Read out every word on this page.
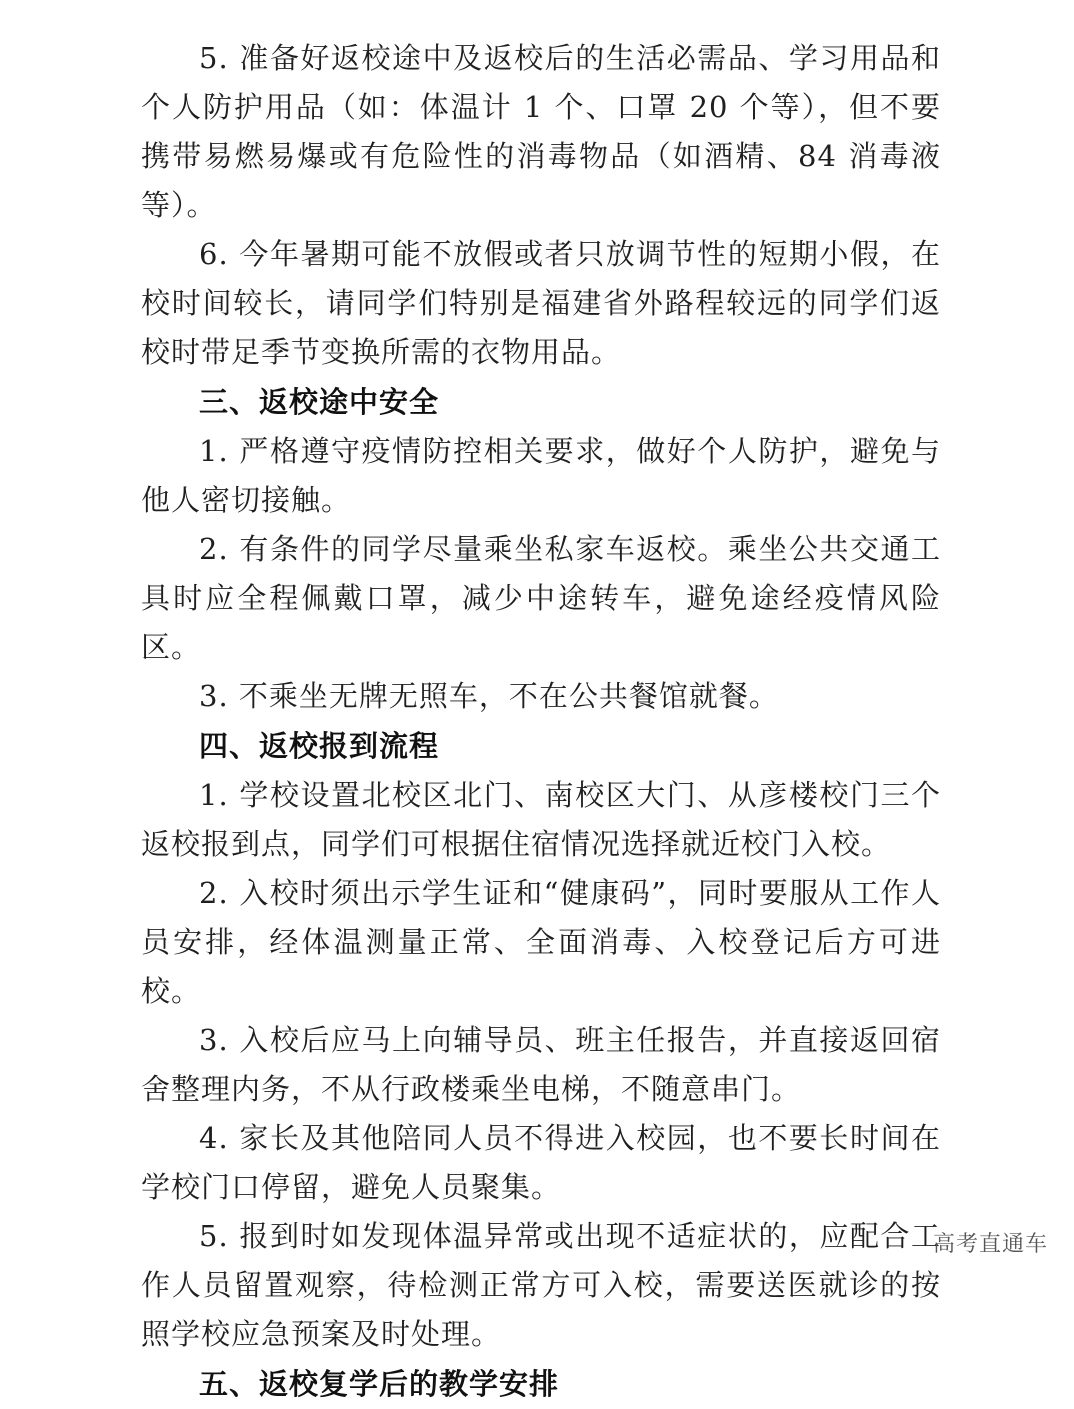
5. 准备好返校途中及返校后的生活必需品、学习用品和个人防护用品（如：体温计 1 个、口罩 20 个等），但不要携带易燃易爆或有危险性的消毒物品（如酒精、84 消毒液等）。

6. 今年暑期可能不放假或者只放调节性的短期小假，在校时间较长，请同学们特别是福建省外路程较远的同学们返校时带足季节变换所需的衣物用品。

三、返校途中安全

1. 严格遵守疫情防控相关要求，做好个人防护，避免与他人密切接触。

2. 有条件的同学尽量乘坐私家车返校。乘坐公共交通工具时应全程佩戴口罩，减少中途转车，避免途经疫情风险区。

3. 不乘坐无牌无照车，不在公共餐馆就餐。

四、返校报到流程

1. 学校设置北校区北门、南校区大门、从彦楼校门三个返校报到点，同学们可根据住宿情况选择就近校门入校。

2. 入校时须出示学生证和“健康码”，同时要服从工作人员安排，经体温测量正常、全面消毒、入校登记后方可进校。

3. 入校后应马上向辅导员、班主任报告，并直接返回宿舍整理内务，不从行政楼乘坐电梯，不随意串门。

4. 家长及其他陪同人员不得进入校园，也不要长时间在学校门口停留，避免人员聚集。

5. 报到时如发现体温异常或出现不适症状的，应配合工作人员留置观察，待检测正常方可入校，需要送医就诊的按照学校应急预案及时处理。

五、返校复学后的教学安排

高考直通车
